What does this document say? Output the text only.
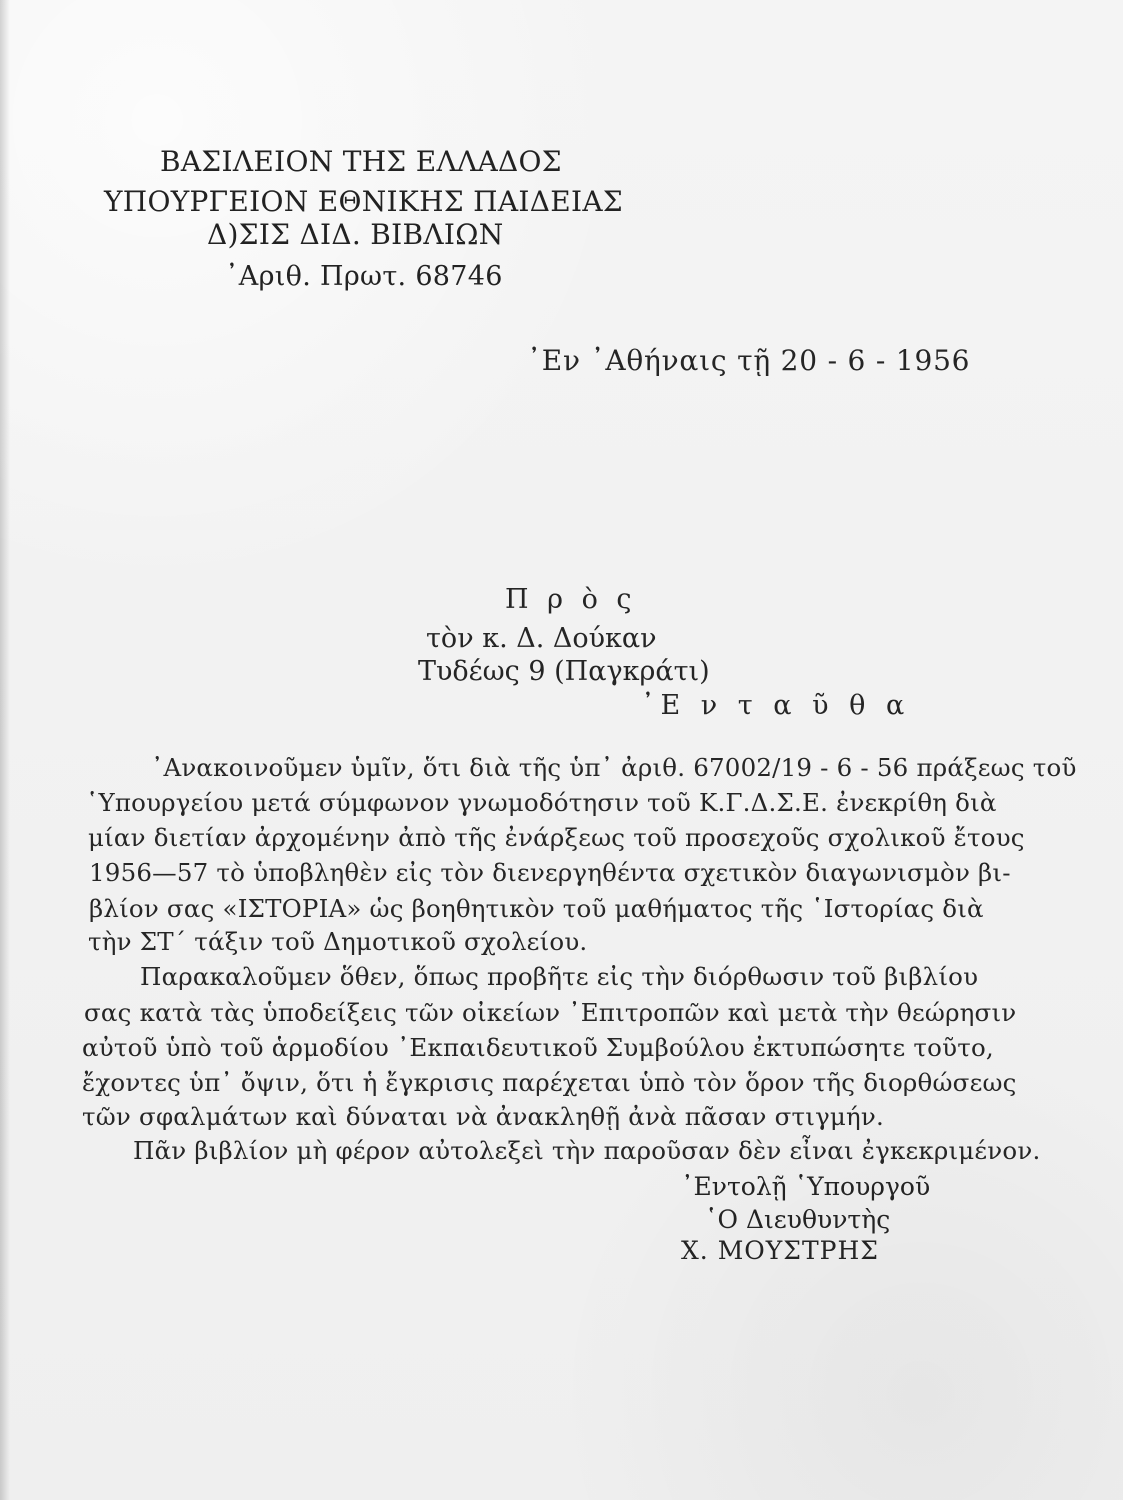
ΒΑΣΙΛΕΙΟΝ ΤΗΣ ΕΛΛΑΔΟΣ
ΥΠΟΥΡΓΕΙΟΝ ΕΘΝΙΚΗΣ ΠΑΙΔΕΙΑΣ
Δ)ΣΙΣ ΔΙΔ. ΒΙΒΛΙΩΝ
᾿Αριθ. Πρωτ. 68746
᾿Εν ᾿Αθήναις τῇ 20 - 6 - 1956
Π ρ ὸ ς
τὸν κ. Δ. Δούκαν
Τυδέως 9 (Παγκράτι)
᾿Ε ν τ α ῦ θ α
᾿Ανακοινοῦμεν ὑμῖν, ὅτι διὰ τῆς ὑπ᾿ ἀριθ. 67002/19 - 6 - 56 πράξεως τοῦ
῾Υπουργείου μετά σύμφωνον γνωμοδότησιν τοῦ Κ.Γ.Δ.Σ.Ε. ἐνεκρίθη διὰ
μίαν διετίαν ἀρχομένην ἀπὸ τῆς ἐνάρξεως τοῦ προσεχοῦς σχολικοῦ ἔτους
1956—57 τὸ ὑποβληθὲν εἰς τὸν διενεργηθέντα σχετικὸν διαγωνισμὸν βι-
βλίον σας «ΙΣΤΟΡΙΑ» ὡς βοηθητικὸν τοῦ μαθήματος τῆς ῾Ιστορίας διὰ
τὴν ΣΤ΄ τάξιν τοῦ Δημοτικοῦ σχολείου.
Παρακαλοῦμεν ὅθεν, ὅπως προβῆτε εἰς τὴν διόρθωσιν τοῦ βιβλίου
σας κατὰ τὰς ὑποδείξεις τῶν οἰκείων ᾿Επιτροπῶν καὶ μετὰ τὴν θεώρησιν
αὐτοῦ ὑπὸ τοῦ ἁρμοδίου ᾿Εκπαιδευτικοῦ Συμβούλου ἐκτυπώσητε τοῦτο,
ἔχοντες ὑπ᾿ ὄψιν, ὅτι ἡ ἔγκρισις παρέχεται ὑπὸ τὸν ὅρον τῆς διορθώσεως
τῶν σφαλμάτων καὶ δύναται νὰ ἀνακληθῇ ἀνὰ πᾶσαν στιγμήν.
Πᾶν βιβλίον μὴ φέρον αὐτολεξεὶ τὴν παροῦσαν δὲν εἶναι ἐγκεκριμένον.
᾿Εντολῇ ῾Υπουργοῦ
῾Ο Διευθυντὴς
Χ. ΜΟΥΣΤΡΗΣ
